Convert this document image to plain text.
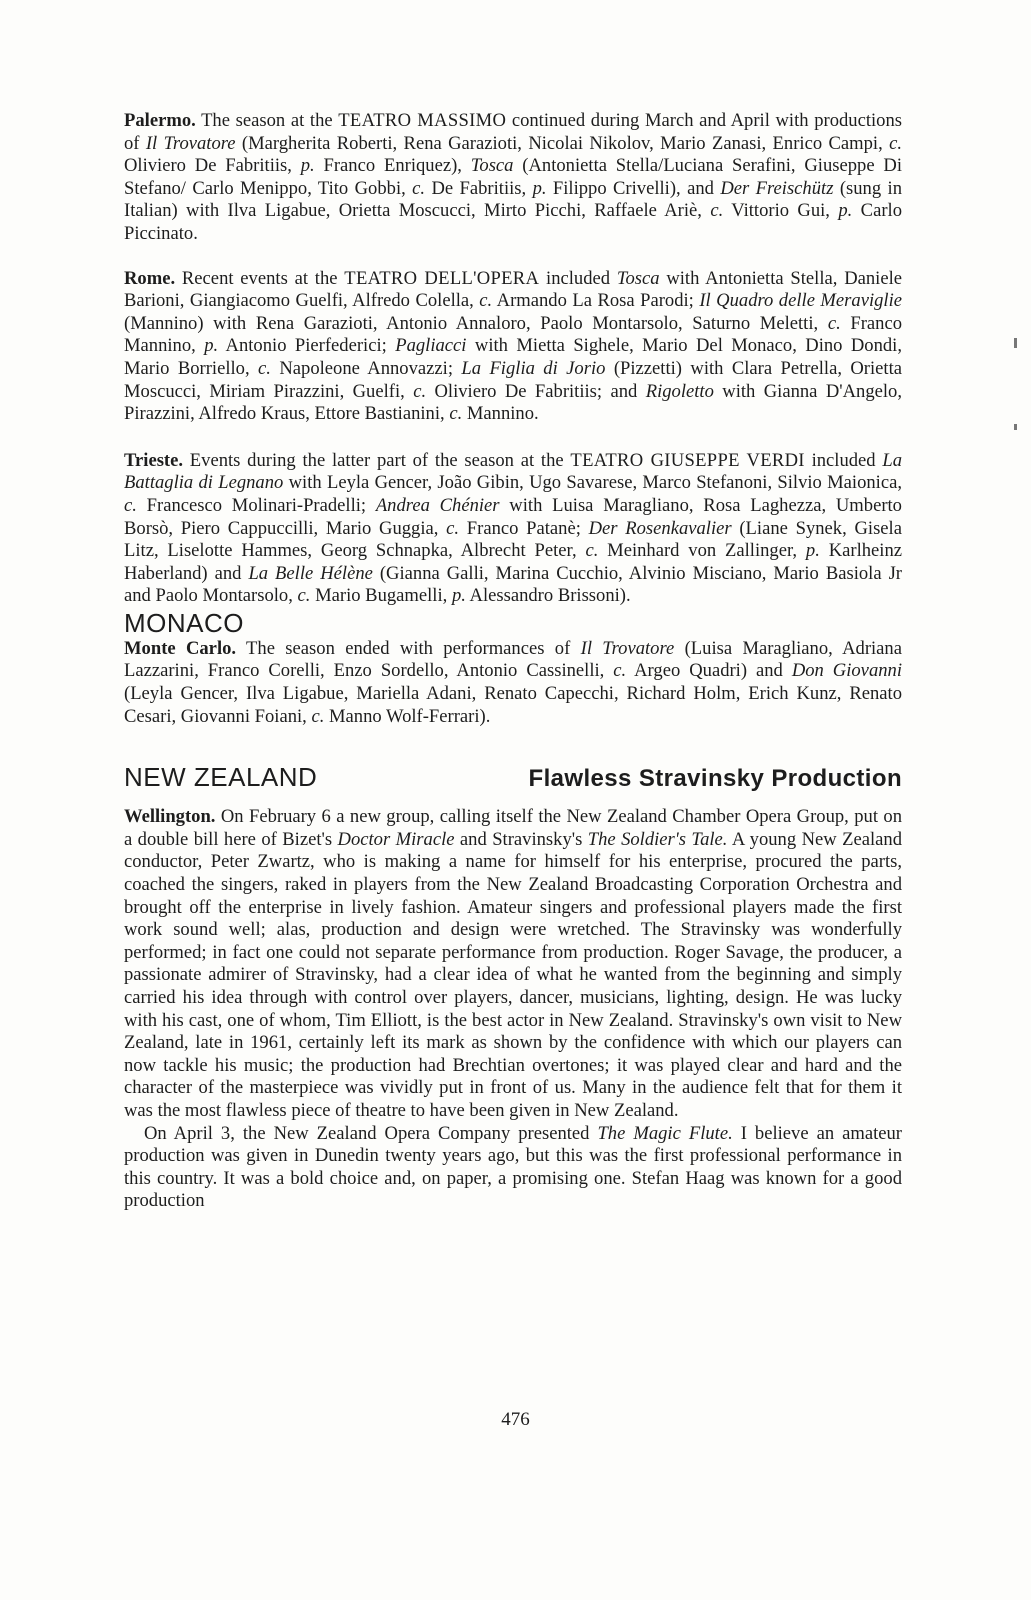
Palermo. The season at the TEATRO MASSIMO continued during March and April with productions of Il Trovatore (Margherita Roberti, Rena Garazioti, Nicolai Nikolov, Mario Zanasi, Enrico Campi, c. Oliviero De Fabritiis, p. Franco Enriquez), Tosca (Antonietta Stella/Luciana Serafini, Giuseppe Di Stefano/ Carlo Menippo, Tito Gobbi, c. De Fabritiis, p. Filippo Crivelli), and Der Freischütz (sung in Italian) with Ilva Ligabue, Orietta Moscucci, Mirto Picchi, Raffaele Ariè, c. Vittorio Gui, p. Carlo Piccinato.

Rome. Recent events at the TEATRO DELL'OPERA included Tosca with Antonietta Stella, Daniele Barioni, Giangiacomo Guelfi, Alfredo Colella, c. Armando La Rosa Parodi; Il Quadro delle Meraviglie (Mannino) with Rena Garazioti, Antonio Annaloro, Paolo Montarsolo, Saturno Meletti, c. Franco Mannino, p. Antonio Pierfederici; Pagliacci with Mietta Sighele, Mario Del Monaco, Dino Dondi, Mario Borriello, c. Napoleone Annovazzi; La Figlia di Jorio (Pizzetti) with Clara Petrella, Orietta Moscucci, Miriam Pirazzini, Guelfi, c. Oliviero De Fabritiis; and Rigoletto with Gianna D'Angelo, Pirazzini, Alfredo Kraus, Ettore Bastianini, c. Mannino.

Trieste. Events during the latter part of the season at the TEATRO GIUSEPPE VERDI included La Battaglia di Legnano with Leyla Gencer, João Gibin, Ugo Savarese, Marco Stefanoni, Silvio Maionica, c. Francesco Molinari-Pradelli; Andrea Chénier with Luisa Maragliano, Rosa Laghezza, Umberto Borsò, Piero Cappuccilli, Mario Guggia, c. Franco Patanè; Der Rosenkavalier (Liane Synek, Gisela Litz, Liselotte Hammes, Georg Schnapka, Albrecht Peter, c. Meinhard von Zallinger, p. Karlheinz Haberland) and La Belle Hélène (Gianna Galli, Marina Cucchio, Alvinio Misciano, Mario Basiola Jr and Paolo Montarsolo, c. Mario Bugamelli, p. Alessandro Brissoni).

MONACO

Monte Carlo. The season ended with performances of Il Trovatore (Luisa Maragliano, Adriana Lazzarini, Franco Corelli, Enzo Sordello, Antonio Cassinelli, c. Argeo Quadri) and Don Giovanni (Leyla Gencer, Ilva Ligabue, Mariella Adani, Renato Capecchi, Richard Holm, Erich Kunz, Renato Cesari, Giovanni Foiani, c. Manno Wolf-Ferrari).

NEW ZEALAND	Flawless Stravinsky Production

Wellington. On February 6 a new group, calling itself the New Zealand Chamber Opera Group, put on a double bill here of Bizet's Doctor Miracle and Stravinsky's The Soldier's Tale. A young New Zealand conductor, Peter Zwartz, who is making a name for himself for his enterprise, procured the parts, coached the singers, raked in players from the New Zealand Broadcasting Corporation Orchestra and brought off the enterprise in lively fashion. Amateur singers and professional players made the first work sound well; alas, production and design were wretched. The Stravinsky was wonderfully performed; in fact one could not separate performance from production. Roger Savage, the producer, a passionate admirer of Stravinsky, had a clear idea of what he wanted from the beginning and simply carried his idea through with control over players, dancer, musicians, lighting, design. He was lucky with his cast, one of whom, Tim Elliott, is the best actor in New Zealand. Stravinsky's own visit to New Zealand, late in 1961, certainly left its mark as shown by the confidence with which our players can now tackle his music; the production had Brechtian overtones; it was played clear and hard and the character of the masterpiece was vividly put in front of us. Many in the audience felt that for them it was the most flawless piece of theatre to have been given in New Zealand.

On April 3, the New Zealand Opera Company presented The Magic Flute. I believe an amateur production was given in Dunedin twenty years ago, but this was the first professional performance in this country. It was a bold choice and, on paper, a promising one. Stefan Haag was known for a good production

476
